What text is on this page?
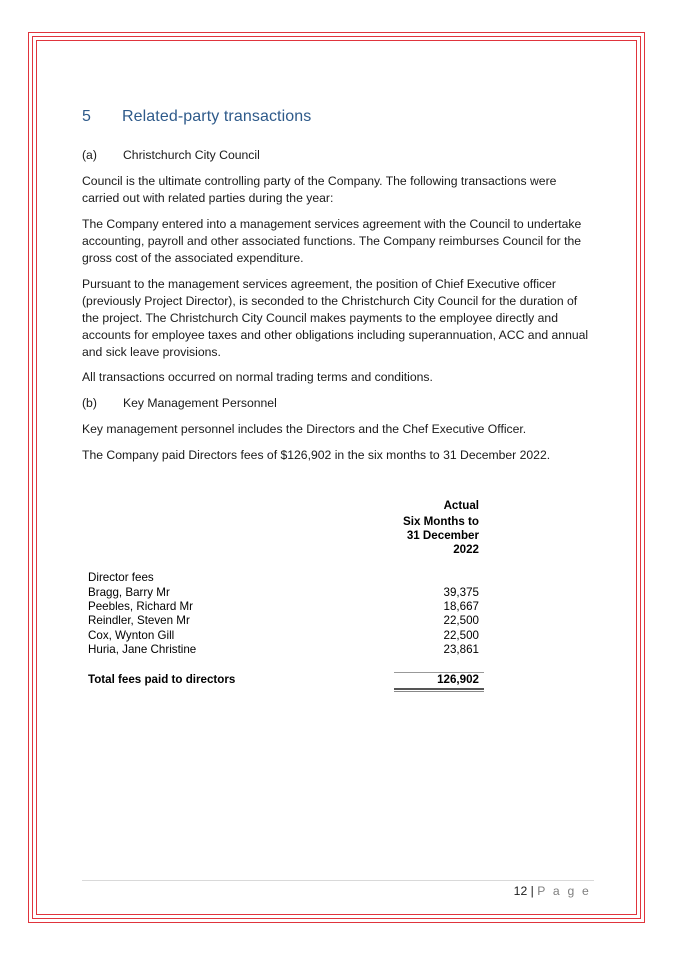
5 Related-party transactions
(a) Christchurch City Council
Council is the ultimate controlling party of the Company. The following transactions were carried out with related parties during the year:
The Company entered into a management services agreement with the Council to undertake accounting, payroll and other associated functions. The Company reimburses Council for the gross cost of the associated expenditure.
Pursuant to the management services agreement, the position of Chief Executive officer (previously Project Director), is seconded to the Christchurch City Council for the duration of the project. The Christchurch City Council makes payments to the employee directly and accounts for employee taxes and other obligations including superannuation, ACC and annual and sick leave provisions.
All transactions occurred on normal trading terms and conditions.
(b) Key Management Personnel
Key management personnel includes the Directors and the Chef Executive Officer.
The Company paid Directors fees of $126,902 in the six months to 31 December 2022.
Actual
Six Months to
31 December
2022
Director fees
Bragg, Barry Mr	39,375
Peebles, Richard Mr	18,667
Reindler, Steven Mr	22,500
Cox, Wynton Gill	22,500
Huria, Jane Christine	23,861
Total fees paid to directors	126,902
12 | P a g e
